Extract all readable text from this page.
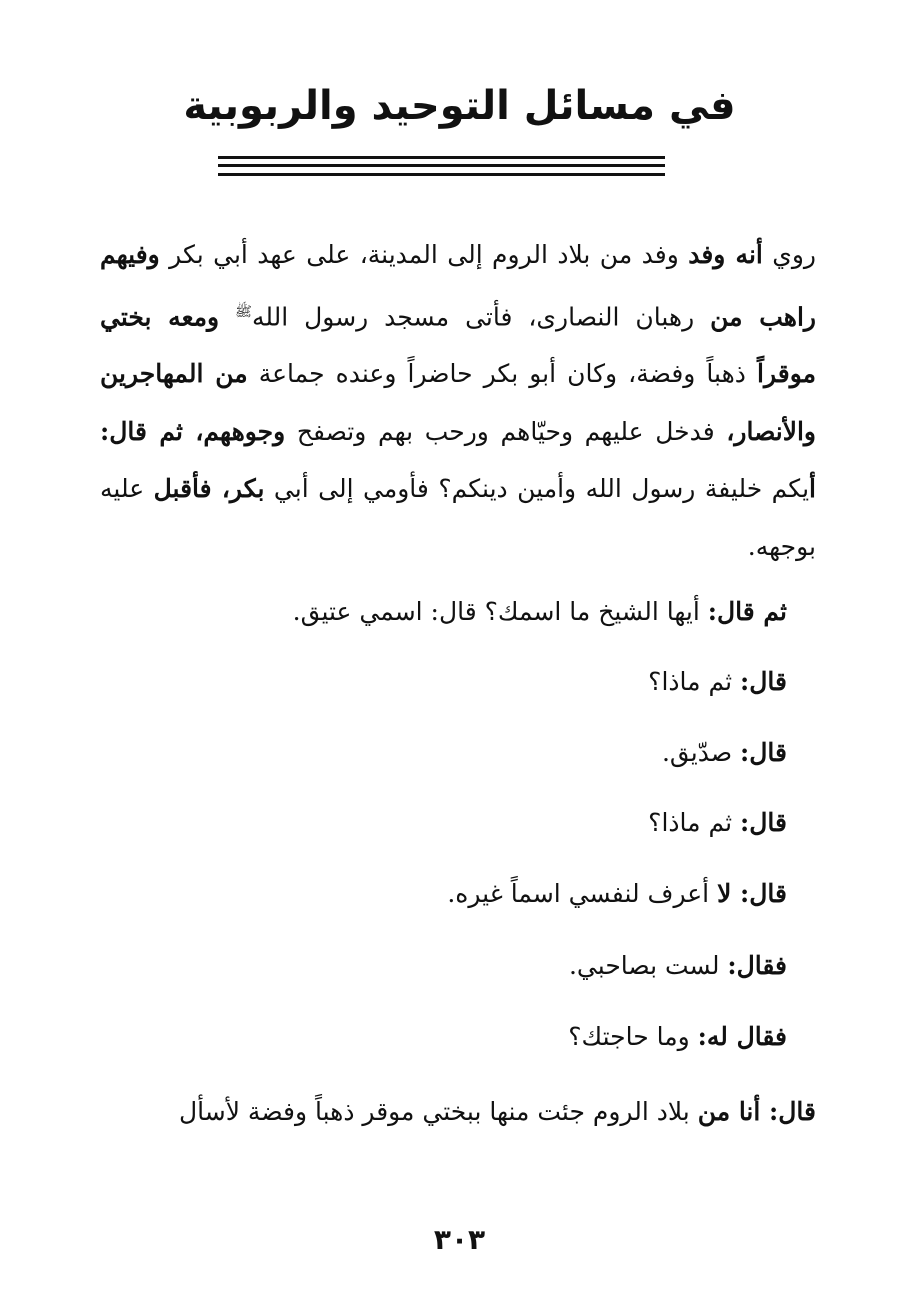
في مسائل التوحيد والربوبية

روي أنه وفد وفد من بلاد الروم إلى المدينة، على عهد أبي بكر وفيهم راهب من رهبان النصارى، فأتى مسجد رسول الله$^ﷺ$ ومعه بختي موقراً ذهباً وفضة، وكان أبو بكر حاضراً وعنده جماعة من المهاجرين والأنصار، فدخل عليهم وحيّاهم ورحب بهم وتصفح وجوههم، ثم قال: أيكم خليفة رسول الله وأمين دينكم؟ فأومي إلى أبي بكر، فأقبل عليه بوجهه.

ثم قال: أيها الشيخ ما اسمك؟ قال: اسمي عتيق.

قال: ثم ماذا؟

قال: صدّيق.

قال: ثم ماذا؟

قال: لا أعرف لنفسي اسماً غيره.

فقال: لست بصاحبي.

فقال له: وما حاجتك؟

قال: أنا من بلاد الروم جئت منها ببختي موقر ذهباً وفضة لأسأل

٣٠٣
